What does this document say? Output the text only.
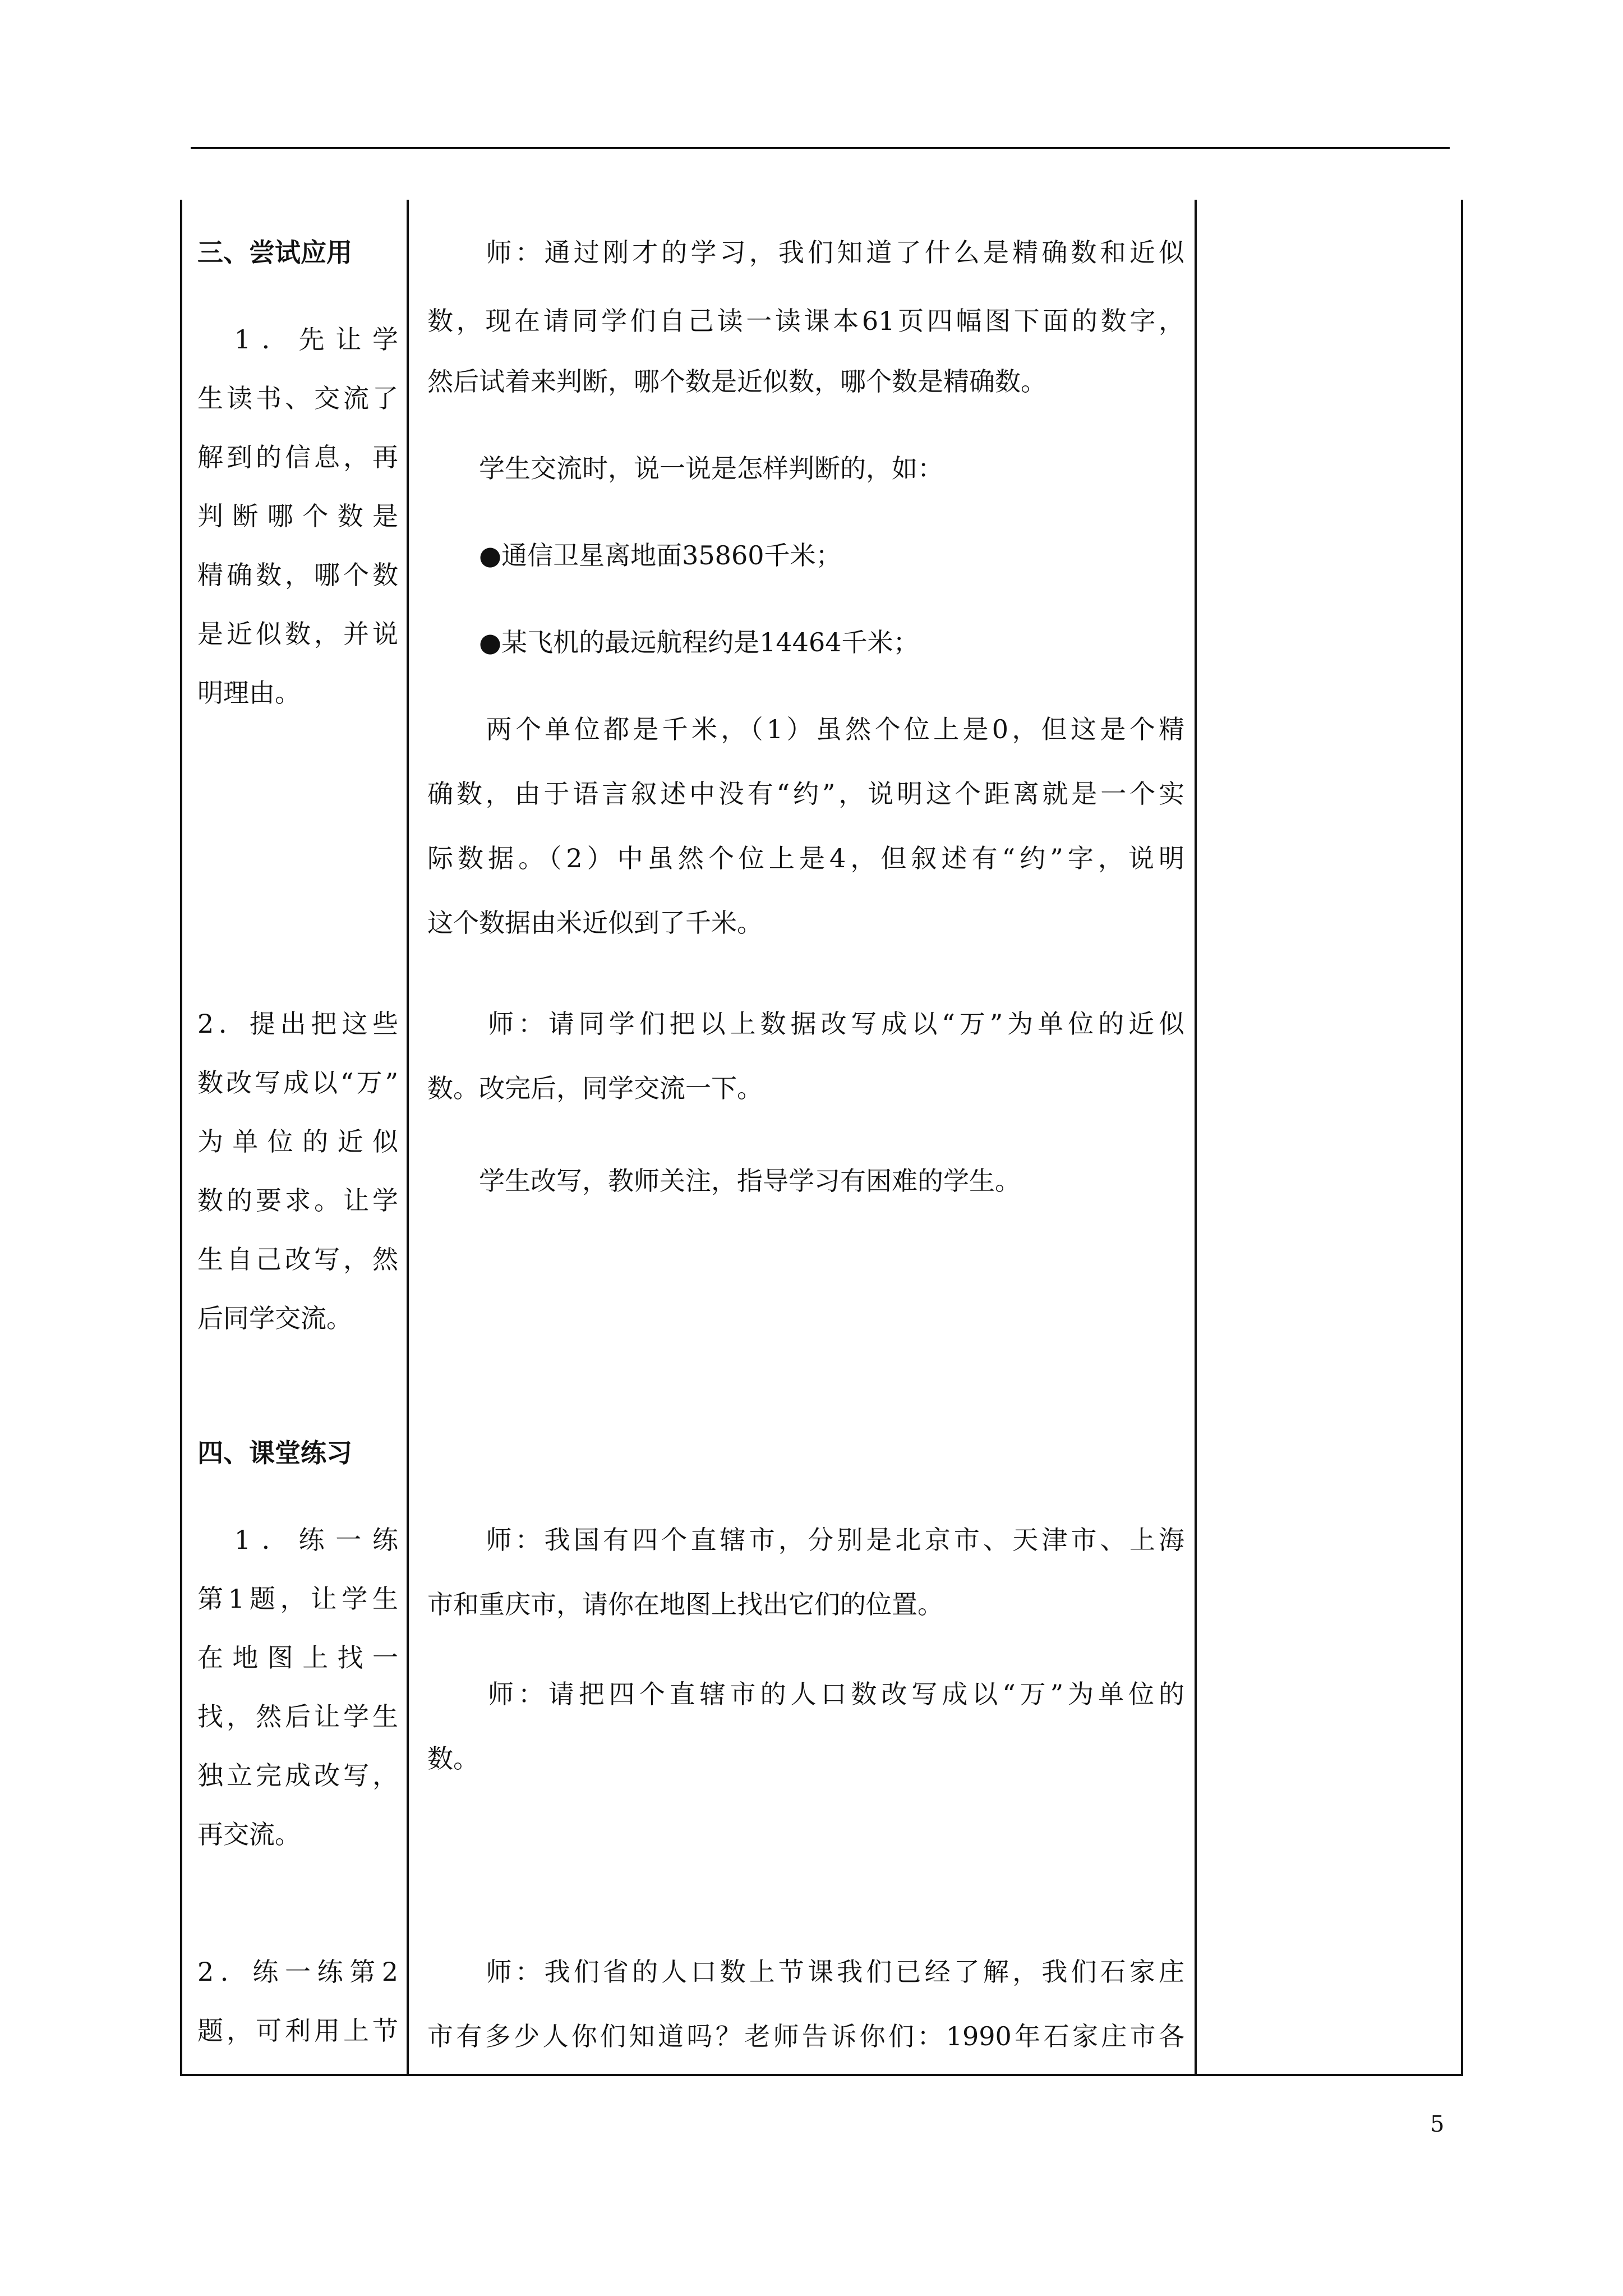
三、尝试应用
　1．先让学
生读书、交流了
解到的信息，再
判断哪个数是
精确数，哪个数
是近似数，并说
明理由。
2．提出把这些
数改写成以“万”
为单位的近似
数的要求。让学
生自己改写，然
后同学交流。
四、课堂练习
　1．练一练
第1题，让学生
在地图上找一
找，然后让学生
独立完成改写，
再交流。
2．练一练第2
题，可利用上节
　　师：通过刚才的学习，我们知道了什么是精确数和近似
数，现在请同学们自己读一读课本61页四幅图下面的数字，
然后试着来判断，哪个数是近似数，哪个数是精确数。
　　学生交流时，说一说是怎样判断的，如：
　　●通信卫星离地面35860千米；
　　●某飞机的最远航程约是14464千米；
　　两个单位都是千米，（1）虽然个位上是0，但这是个精
确数，由于语言叙述中没有“约”，说明这个距离就是一个实
际数据。（2）中虽然个位上是4，但叙述有“约”字，说明
这个数据由米近似到了千米。
　　师：请同学们把以上数据改写成以“万”为单位的近似
数。改完后，同学交流一下。
　　学生改写，教师关注，指导学习有困难的学生。
　　师：我国有四个直辖市，分别是北京市、天津市、上海
市和重庆市，请你在地图上找出它们的位置。
　　师：请把四个直辖市的人口数改写成以“万”为单位的
数。
　　师：我们省的人口数上节课我们已经了解，我们石家庄
市有多少人你们知道吗？老师告诉你们：1990年石家庄市各
5
